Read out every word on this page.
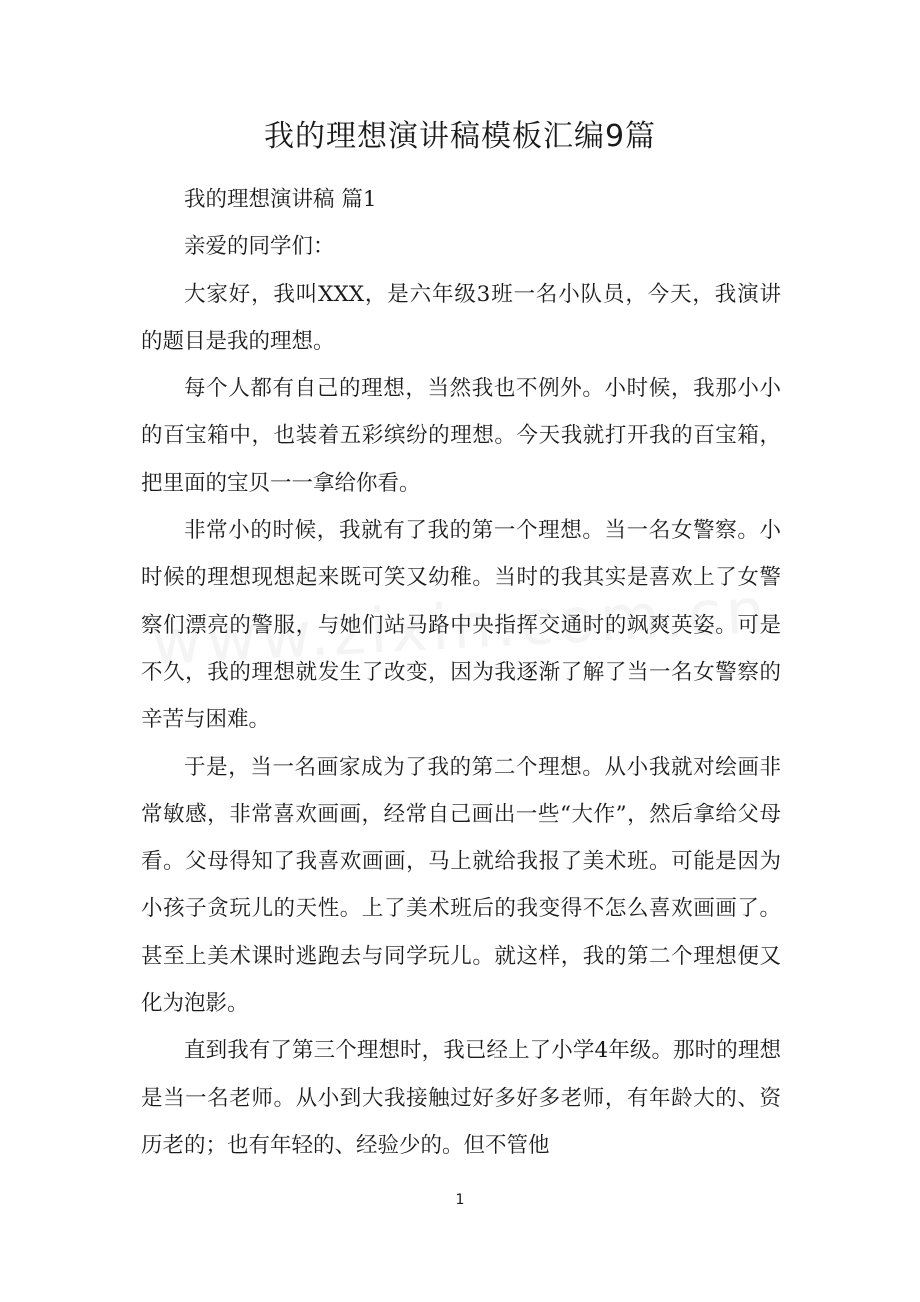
我的理想演讲稿模板汇编9篇

我的理想演讲稿 篇1

亲爱的同学们：

大家好，我叫XXX，是六年级3班一名小队员，今天，我演讲的题目是我的理想。

每个人都有自己的理想，当然我也不例外。小时候，我那小小的百宝箱中，也装着五彩缤纷的理想。今天我就打开我的百宝箱，把里面的宝贝一一拿给你看。

非常小的时候，我就有了我的第一个理想。当一名女警察。小时候的理想现想起来既可笑又幼稚。当时的我其实是喜欢上了女警察们漂亮的警服，与她们站马路中央指挥交通时的飒爽英姿。可是不久，我的理想就发生了改变，因为我逐渐了解了当一名女警察的辛苦与困难。

于是，当一名画家成为了我的第二个理想。从小我就对绘画非常敏感，非常喜欢画画，经常自己画出一些“大作”，然后拿给父母看。父母得知了我喜欢画画，马上就给我报了美术班。可能是因为小孩子贪玩儿的天性。上了美术班后的我变得不怎么喜欢画画了。甚至上美术课时逃跑去与同学玩儿。就这样，我的第二个理想便又化为泡影。

直到我有了第三个理想时，我已经上了小学4年级。那时的理想是当一名老师。从小到大我接触过好多好多老师，有年龄大的、资历老的；也有年轻的、经验少的。但不管他

1
